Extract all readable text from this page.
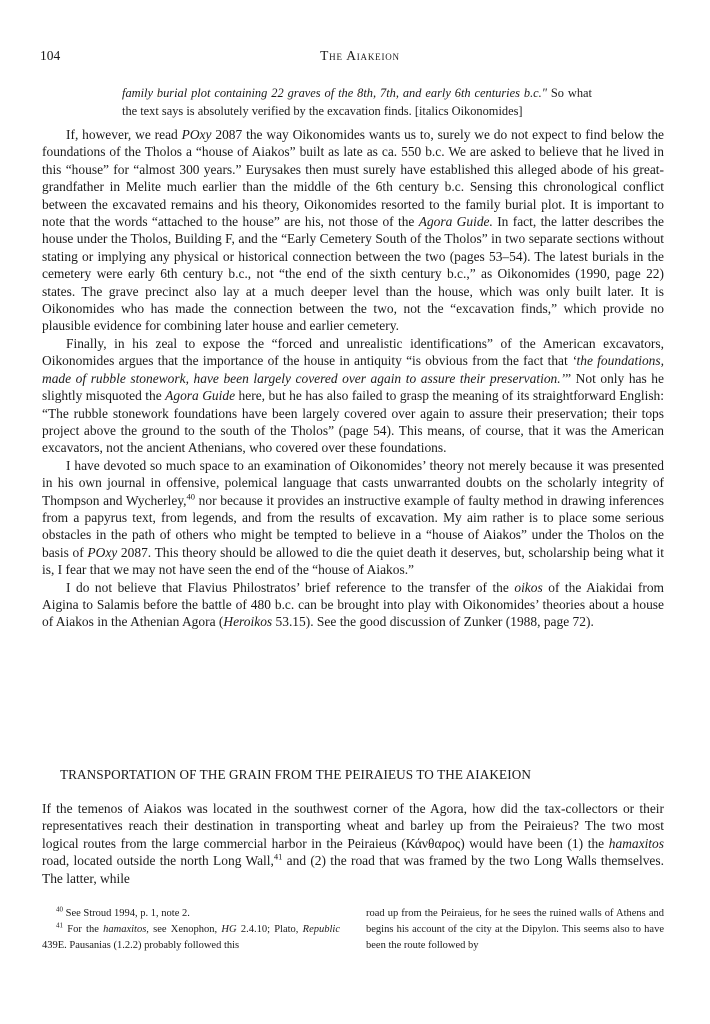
104	The Aiakeion
family burial plot containing 22 graves of the 8th, 7th, and early 6th centuries b.c." So what the text says is absolutely verified by the excavation finds. [italics Oikonomides]

If, however, we read POxy 2087 the way Oikonomides wants us to, surely we do not expect to find below the foundations of the Tholos a “house of Aiakos” built as late as ca. 550 b.c. We are asked to believe that he lived in this “house” for “almost 300 years.” Eurysakes then must surely have established this alleged abode of his great-grandfather in Melite much earlier than the middle of the 6th century b.c. Sensing this chronological conflict between the excavated remains and his theory, Oikonomides resorted to the family burial plot. It is important to note that the words “attached to the house” are his, not those of the Agora Guide. In fact, the latter describes the house under the Tholos, Building F, and the “Early Cemetery South of the Tholos” in two separate sections without stating or implying any physical or historical connection between the two (pages 53–54). The latest burials in the cemetery were early 6th century b.c., not “the end of the sixth century b.c.,” as Oikonomides (1990, page 22) states. The grave precinct also lay at a much deeper level than the house, which was only built later. It is Oikonomides who has made the connection between the two, not the “excavation finds,” which provide no plausible evidence for combining later house and earlier cemetery.

Finally, in his zeal to expose the “forced and unrealistic identifications” of the American excavators, Oikonomides argues that the importance of the house in antiquity “is obvious from the fact that ‘the foundations, made of rubble stonework, have been largely covered over again to assure their preservation.’” Not only has he slightly misquoted the Agora Guide here, but he has also failed to grasp the meaning of its straightforward English: “The rubble stonework foundations have been largely covered over again to assure their preservation; their tops project above the ground to the south of the Tholos” (page 54). This means, of course, that it was the American excavators, not the ancient Athenians, who covered over these foundations.

I have devoted so much space to an examination of Oikonomides’ theory not merely because it was presented in his own journal in offensive, polemical language that casts unwarranted doubts on the scholarly integrity of Thompson and Wycherley,$^{40}$ nor because it provides an instructive example of faulty method in drawing inferences from a papyrus text, from legends, and from the results of excavation. My aim rather is to place some serious obstacles in the path of others who might be tempted to believe in a “house of Aiakos” under the Tholos on the basis of POxy 2087. This theory should be allowed to die the quiet death it deserves, but, scholarship being what it is, I fear that we may not have seen the end of the “house of Aiakos.”

I do not believe that Flavius Philostratos’ brief reference to the transfer of the oikos of the Aiakidai from Aigina to Salamis before the battle of 480 b.c. can be brought into play with Oikonomides’ theories about a house of Aiakos in the Athenian Agora (Heroikos 53.15). See the good discussion of Zunker (1988, page 72).

TRANSPORTATION OF THE GRAIN FROM THE PEIRAIEUS TO THE AIAKEION

If the temenos of Aiakos was located in the southwest corner of the Agora, how did the tax-collectors or their representatives reach their destination in transporting wheat and barley up from the Peiraieus? The two most logical routes from the large commercial harbor in the Peiraieus (Κάνθαρος) would have been (1) the hamaxitos road, located outside the north Long Wall,$^{41}$ and (2) the road that was framed by the two Long Walls themselves. The latter, while

$^{40}$ See Stroud 1994, p. 1, note 2.

$^{41}$ For the hamaxitos, see Xenophon, HG 2.4.10; Plato, Republic 439E. Pausanias (1.2.2) probably followed this

road up from the Peiraieus, for he sees the ruined walls of Athens and begins his account of the city at the Dipylon. This seems also to have been the route followed by
